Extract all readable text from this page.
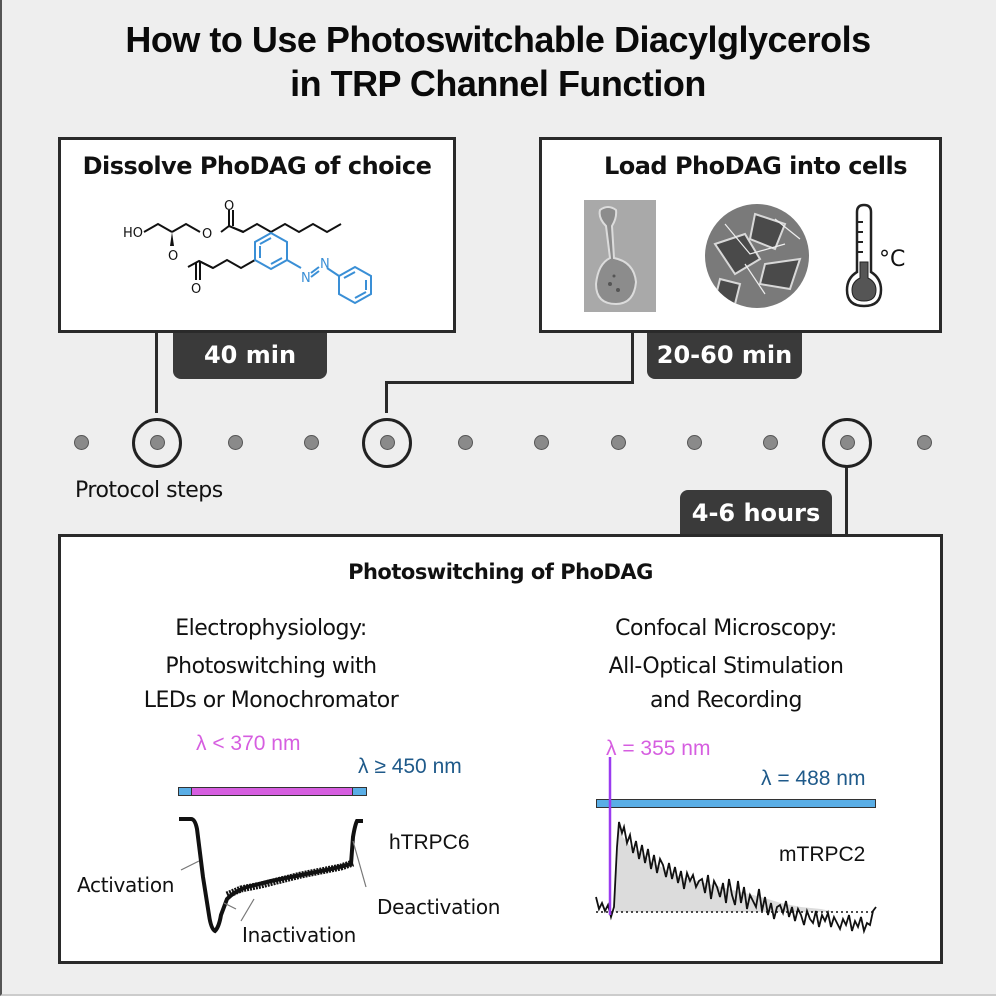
How to Use Photoswitchable Diacylglycerols
in TRP Channel Function
Dissolve PhoDAG of choice
HO	O
O
O
O
N
N
Load PhoDAG into cells
°C
40 min	20-60 min
4-6 hours
Protocol steps
Photoswitching of PhoDAG
Electrophysiology:
Photoswitching with
LEDs or Monochromator
Confocal Microscopy:
All-Optical Stimulation
and Recording
λ < 370 nm
λ ≥ 450 nm
hTRPC6
Activation
Inactivation
Deactivation
λ = 355 nm
λ = 488 nm
mTRPC2
